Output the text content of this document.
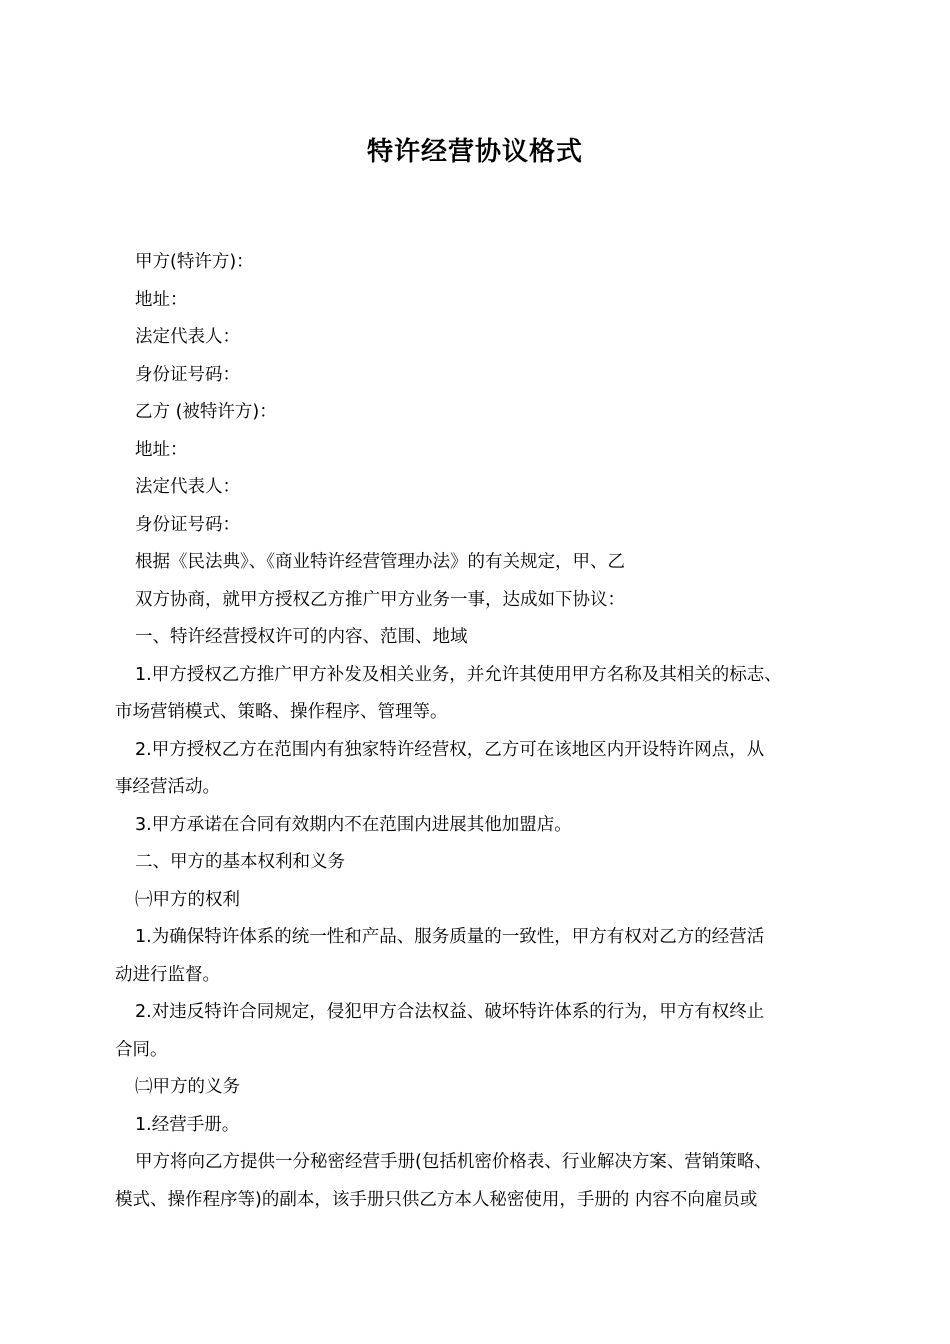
特许经营协议格式

甲方(特许方)：

地址：

法定代表人：

身份证号码：

乙方 (被特许方)：

地址：

法定代表人：

身份证号码：

根据《民法典》、《商业特许经营管理办法》的有关规定，甲、乙

双方协商，就甲方授权乙方推广甲方业务一事，达成如下协议：

一、特许经营授权许可的内容、范围、地域

1.甲方授权乙方推广甲方补发及相关业务，并允许其使用甲方名称及其相关的标志、

市场营销模式、策略、操作程序、管理等。

2.甲方授权乙方在范围内有独家特许经营权，乙方可在该地区内开设特许网点，从

事经营活动。

3.甲方承诺在合同有效期内不在范围内进展其他加盟店。

二、甲方的基本权利和义务

㈠甲方的权利

1.为确保特许体系的统一性和产品、服务质量的一致性，甲方有权对乙方的经营活

动进行监督。

2.对违反特许合同规定，侵犯甲方合法权益、破坏特许体系的行为，甲方有权终止

合同。

㈡甲方的义务

1.经营手册。

甲方将向乙方提供一分秘密经营手册(包括机密价格表、行业解决方案、营销策略、

模式、操作程序等)的副本，该手册只供乙方本人秘密使用，手册的 内容不向雇员或
